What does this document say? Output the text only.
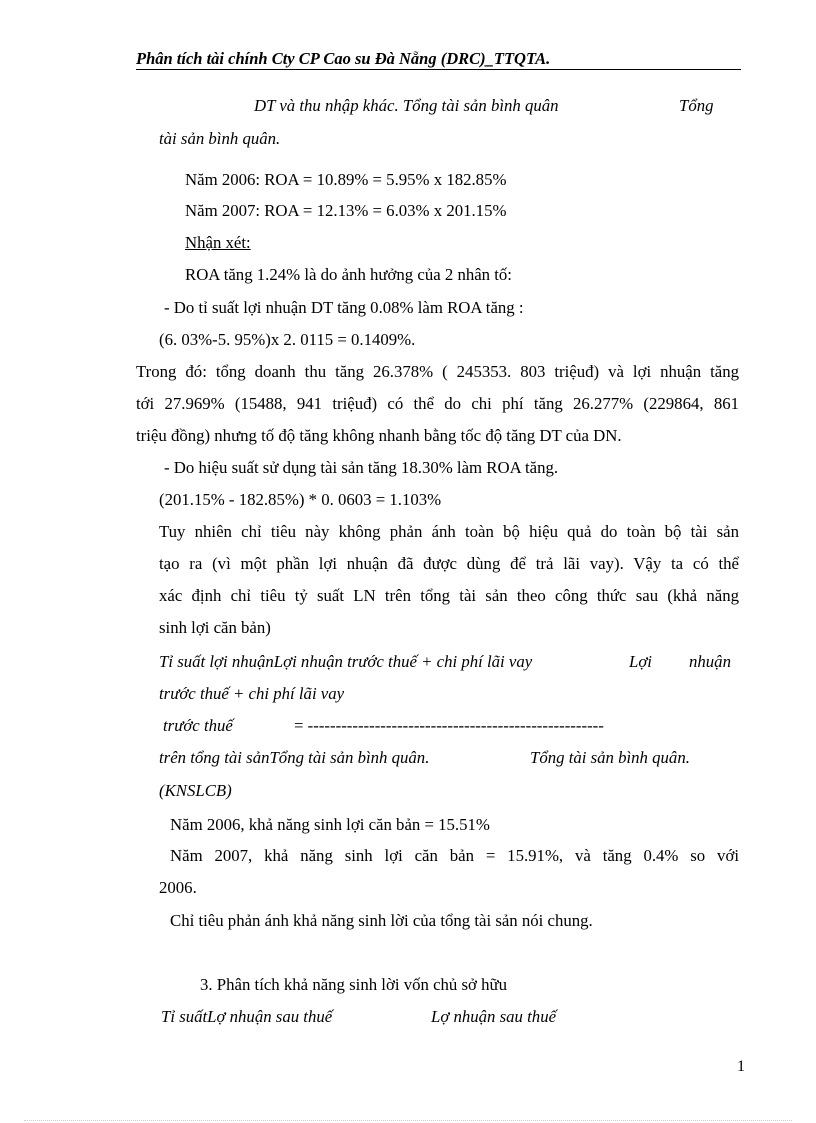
Phân tích tài chính Cty CP Cao su Đà Nẵng (DRC)_TTQTA.
DT và thu nhập khác. Tổng tài sản bình quân	Tổng
tài sản bình quân.
Năm 2006: ROA = 10.89% = 5.95% x 182.85%
Năm 2007: ROA = 12.13% = 6.03% x 201.15%
Nhận xét:
ROA tăng 1.24% là do ảnh hưởng của 2 nhân tố:
- Do tỉ suất lợi nhuận DT tăng 0.08% làm ROA tăng :
(6. 03%-5. 95%)x 2. 0115 = 0.1409%.
Trong đó: tổng doanh thu tăng 26.378% ( 245353. 803 triệuđ) và lợi nhuận tăng
tới 27.969% (15488, 941 triệuđ) có thể do chi phí tăng 26.277% (229864, 861
triệu đồng) nhưng tố độ tăng không nhanh bằng tốc độ tăng DT của DN.
- Do hiệu suất sử dụng tài sản tăng 18.30% làm ROA tăng.
(201.15% - 182.85%) * 0. 0603 = 1.103%
Tuy nhiên chỉ tiêu này không phản ánh toàn bộ hiệu quả do toàn bộ tài sản
tạo ra (vì một phần lợi nhuận đã được dùng để trả lãi vay). Vậy ta có thể
xác định chỉ tiêu tỷ suất LN trên tổng tài sản theo công thức sau (khả năng
sinh lợi căn bản)
Tỉ suất lợi nhuậnLợi nhuận trước thuế + chi phí lãi vay	Lợi nhuận
trước thuế + chi phí lãi vay
trước thuế	= -----------------------------------------------------
trên tổng tài sảnTổng tài sản bình quân.	Tổng tài sản bình quân.
(KNSLCB)
Năm 2006, khả năng sinh lợi căn bản = 15.51%
Năm 2007, khả năng sinh lợi căn bản = 15.91%, và tăng 0.4% so với
2006.
Chỉ tiêu phản ánh khả năng sinh lời của tổng tài sản nói chung.
3. Phân tích khả năng sinh lời vốn chủ sở hữu
Tỉ suấtLợ nhuận sau thuế	Lợ nhuận sau thuế
1
